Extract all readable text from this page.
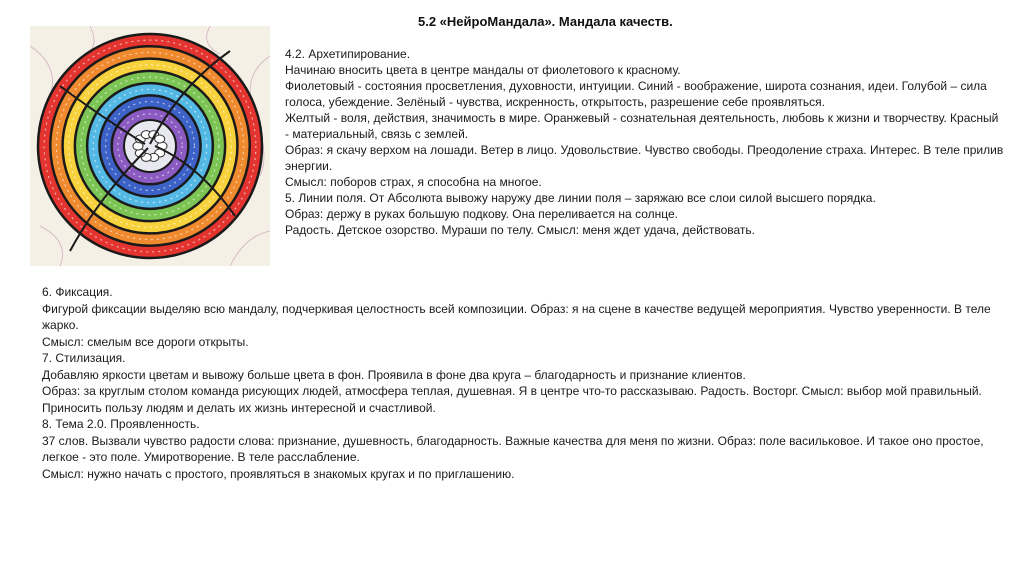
5.2 «НейроМандала». Мандала качеств.

4.2. Архетипирование.

Начинаю вносить цвета в центре мандалы от фиолетового к красному.

Фиолетовый - состояния просветления, духовности, интуиции. Синий - воображение, широта сознания, идеи. Голубой – сила голоса, убеждение. Зелёный - чувства, искренность, открытость, разрешение себе проявляться.

Желтый - воля, действия, значимость в мире. Оранжевый - сознательная деятельность, любовь к жизни и творчеству. Красный - материальный, связь с землей.

Образ: я скачу верхом на лошади. Ветер в лицо. Удовольствие. Чувство свободы. Преодоление страха. Интерес. В теле прилив энергии.

Смысл: поборов страх, я способна на многое.

5. Линии поля. От Абсолюта вывожу наружу две линии поля – заряжаю все слои силой высшего порядка.

Образ: держу в руках большую подкову. Она переливается на солнце.

Радость. Детское озорство. Мураши по телу. Смысл: меня ждет удача, действовать.

6. Фиксация.

Фигурой фиксации выделяю всю мандалу, подчеркивая целостность всей композиции. Образ: я на сцене в качестве ведущей мероприятия. Чувство уверенности. В теле жарко.

Смысл: смелым все дороги открыты.

7. Стилизация.

Добавляю яркости цветам и вывожу больше цвета в фон. Проявила в фоне два круга – благодарность и признание клиентов.

Образ: за круглым столом команда рисующих людей, атмосфера теплая, душевная. Я в центре что-то рассказываю. Радость. Восторг. Смысл: выбор мой правильный. Приносить пользу людям и делать их жизнь интересной и счастливой.

8. Тема 2.0. Проявленность.

37 слов. Вызвали чувство радости слова: признание, душевность, благодарность. Важные качества для меня по жизни. Образ: поле васильковое. И такое оно простое, легкое - это поле. Умиротворение. В теле расслабление.

Смысл: нужно начать с простого, проявляться в знакомых кругах и по приглашению.
